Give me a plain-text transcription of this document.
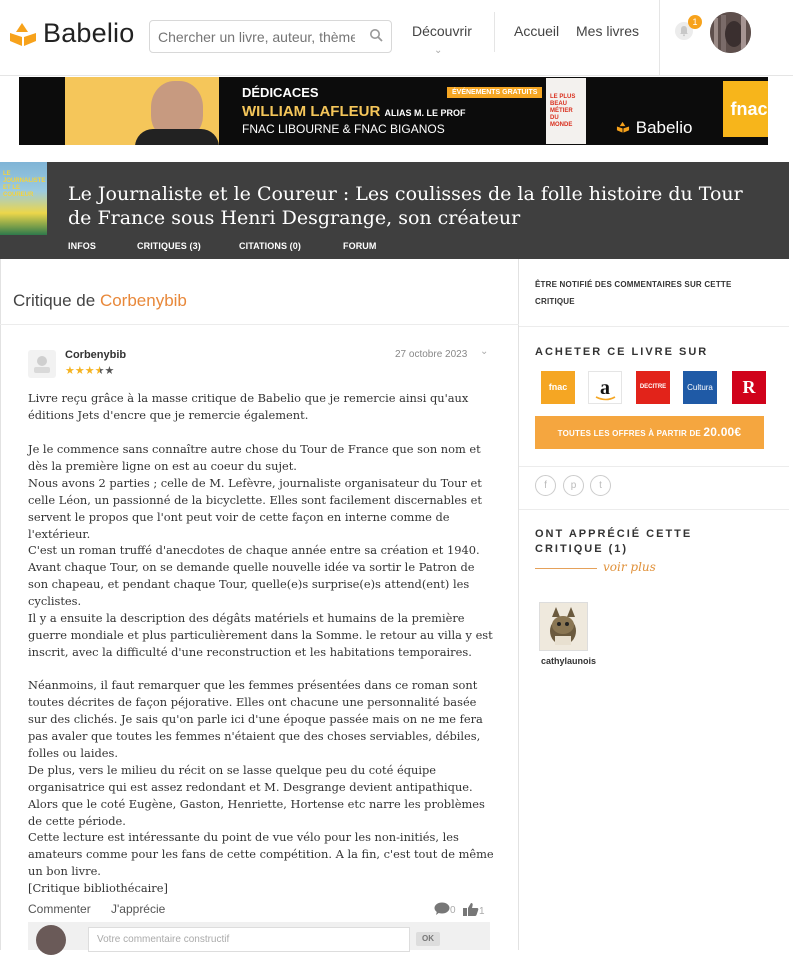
Babelio
Chercher un livre, auteur, thème	Découvrir
⌄
Accueil Mes livres
1
DÉDICACES
WILLIAM LAFLEUR ALIAS M. LE PROF
FNAC LIBOURNE & FNAC BIGANOS
ÉVÉNEMENTS GRATUITS
LE PLUS BEAU MÉTIER DU MONDE	Babelio
fnac
LE JOURNALISTE ET LE COUREUR	Le Journaliste et le Coureur : Les coulisses de la folle histoire du Tour de France sous Henri Desgrange, son créateur
INFOS	CRITIQUES (3)	CITATIONS (0)	FORUM
Critique de Corbenybib
Corbenybib
★★★★★
27 octobre 2023 ⌄
Livre reçu grâce à la masse critique de Babelio que je remercie ainsi qu'aux éditions Jets d'encre que je remercie également.
Je le commence sans connaître autre chose du Tour de France que son nom et dès la première ligne on est au coeur du sujet.
Nous avons 2 parties ; celle de M. Lefèvre, journaliste organisateur du Tour et celle Léon, un passionné de la bicyclette. Elles sont facilement discernables et servent le propos que l'ont peut voir de cette façon en interne comme de l'extérieur.
C'est un roman truffé d'anecdotes de chaque année entre sa création et 1940.
Avant chaque Tour, on se demande quelle nouvelle idée va sortir le Patron de son chapeau, et pendant chaque Tour, quelle(e)s surprise(e)s attend(ent) les cyclistes.
Il y a ensuite la description des dégâts matériels et humains de la première guerre mondiale et plus particulièrement dans la Somme. le retour au villa y est inscrit, avec la difficulté d'une reconstruction et les habitations temporaires.
Néanmoins, il faut remarquer que les femmes présentées dans ce roman sont toutes décrites de façon péjorative. Elles ont chacune une personnalité basée sur des clichés. Je sais qu'on parle ici d'une époque passée mais on ne me fera pas avaler que toutes les femmes n'étaient que des choses serviables, débiles, folles ou laides.
De plus, vers le milieu du récit on se lasse quelque peu du coté équipe organisatrice qui est assez redondant et M. Desgrange devient antipathique. Alors que le coté Eugène, Gaston, Henriette, Hortense etc narre les problèmes de cette période.
Cette lecture est intéressante du point de vue vélo pour les non-initiés, les amateurs comme pour les fans de cette compétition. A la fin, c'est tout de même un bon livre.
[Critique bibliothécaire]
Commenter J'apprécie	0	1
Votre commentaire constructif	OK
ÊTRE NOTIFIÉ DES COMMENTAIRES SUR CETTE CRITIQUE
ACHETER CE LIVRE SUR
fnac	a	DECITRE	Cultura	R
TOUTES LES OFFRES À PARTIR DE 20.00€
f	p	t
ONT APPRÉCIÉ CETTE CRITIQUE (1)
voir plus
cathylaunois
